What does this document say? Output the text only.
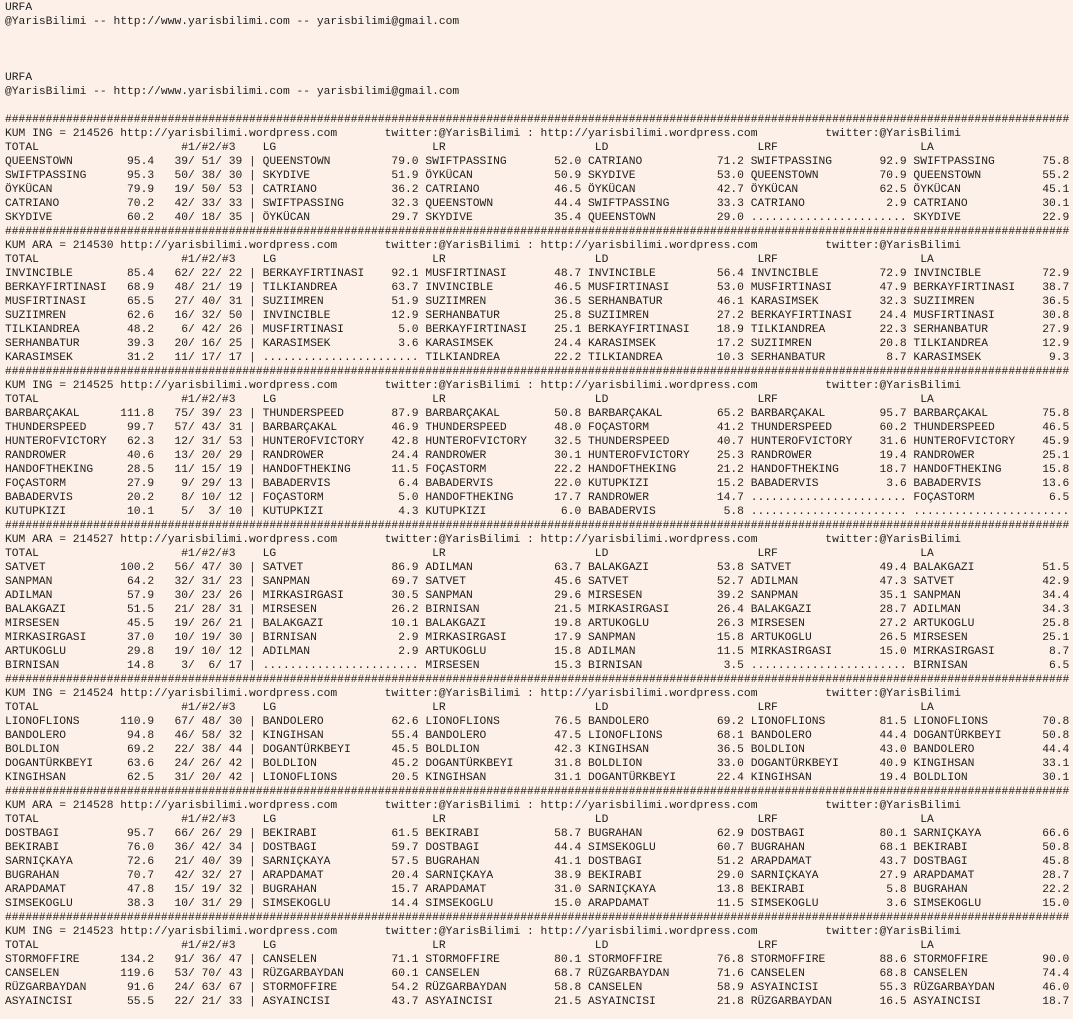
URFA
@YarisBilimi -- http://www.yarisbilimi.com -- yarisbilimi@gmail.com
URFA
@YarisBilimi -- http://www.yarisbilimi.com -- yarisbilimi@gmail.com
#############################################################################################################################################################
KUM ING = 214526 http://yarisbilimi.wordpress.com       twitter:@YarisBilimi : http://yarisbilimi.wordpress.com          twitter:@YarisBilimi
TOTAL                     #1/#2/#3    LG                       LR                      LD                      LRF                     LA
QUEENSTOWN        95.4   39/ 51/ 39 | QUEENSTOWN         79.0 SWIFTPASSING       52.0 CATRIANO           71.2 SWIFTPASSING       92.9 SWIFTPASSING       75.8
SWIFTPASSING      95.3   50/ 38/ 30 | SKYDIVE            51.9 ÖYKÜCAN            50.9 SKYDIVE            53.0 QUEENSTOWN         70.9 QUEENSTOWN         55.2
ÖYKÜCAN           79.9   19/ 50/ 53 | CATRIANO           36.2 CATRIANO           46.5 ÖYKÜCAN            42.7 ÖYKÜCAN            62.5 ÖYKÜCAN            45.1
CATRIANO          70.2   42/ 33/ 33 | SWIFTPASSING       32.3 QUEENSTOWN         44.4 SWIFTPASSING       33.3 CATRIANO            2.9 CATRIANO           30.1
SKYDIVE           60.2   40/ 18/ 35 | ÖYKÜCAN            29.7 SKYDIVE            35.4 QUEENSTOWN         29.0 ....................... SKYDIVE            22.9
#############################################################################################################################################################
KUM ARA = 214530 http://yarisbilimi.wordpress.com       twitter:@YarisBilimi : http://yarisbilimi.wordpress.com          twitter:@YarisBilimi
TOTAL                     #1/#2/#3    LG                       LR                      LD                      LRF                     LA
INVINCIBLE        85.4   62/ 22/ 22 | BERKAYFIRTINASI    92.1 MUSFIRTINASI       48.7 INVINCIBLE         56.4 INVINCIBLE         72.9 INVINCIBLE         72.9
BERKAYFIRTINASI   68.9   48/ 21/ 19 | TILKIANDREA        63.7 INVINCIBLE         46.5 MUSFIRTINASI       53.0 MUSFIRTINASI       47.9 BERKAYFIRTINASI    38.7
MUSFIRTINASI      65.5   27/ 40/ 31 | SUZIIMREN          51.9 SUZIIMREN          36.5 SERHANBATUR        46.1 KARASIMSEK         32.3 SUZIIMREN          36.5
SUZIIMREN         62.6   16/ 32/ 50 | INVINCIBLE         12.9 SERHANBATUR        25.8 SUZIIMREN          27.2 BERKAYFIRTINASI    24.4 MUSFIRTINASI       30.8
TILKIANDREA       48.2    6/ 42/ 26 | MUSFIRTINASI        5.0 BERKAYFIRTINASI    25.1 BERKAYFIRTINASI    18.9 TILKIANDREA        22.3 SERHANBATUR        27.9
SERHANBATUR       39.3   20/ 16/ 25 | KARASIMSEK          3.6 KARASIMSEK         24.4 KARASIMSEK         17.2 SUZIIMREN          20.8 TILKIANDREA        12.9
KARASIMSEK        31.2   11/ 17/ 17 | ....................... TILKIANDREA        22.2 TILKIANDREA        10.3 SERHANBATUR         8.7 KARASIMSEK          9.3
#############################################################################################################################################################
KUM ING = 214525 http://yarisbilimi.wordpress.com       twitter:@YarisBilimi : http://yarisbilimi.wordpress.com          twitter:@YarisBilimi
TOTAL                     #1/#2/#3    LG                       LR                      LD                      LRF                     LA
BARBARÇAKAL      111.8   75/ 39/ 23 | THUNDERSPEED       87.9 BARBARÇAKAL        50.8 BARBARÇAKAL        65.2 BARBARÇAKAL        95.7 BARBARÇAKAL        75.8
THUNDERSPEED      99.7   57/ 43/ 31 | BARBARÇAKAL        46.9 THUNDERSPEED       48.0 FOÇASTORM          41.2 THUNDERSPEED       60.2 THUNDERSPEED       46.5
HUNTEROFVICTORY   62.3   12/ 31/ 53 | HUNTEROFVICTORY    42.8 HUNTEROFVICTORY    32.5 THUNDERSPEED       40.7 HUNTEROFVICTORY    31.6 HUNTEROFVICTORY    45.9
RANDROWER         40.6   13/ 20/ 29 | RANDROWER          24.4 RANDROWER          30.1 HUNTEROFVICTORY    25.3 RANDROWER          19.4 RANDROWER          25.1
HANDOFTHEKING     28.5   11/ 15/ 19 | HANDOFTHEKING      11.5 FOÇASTORM          22.2 HANDOFTHEKING      21.2 HANDOFTHEKING      18.7 HANDOFTHEKING      15.8
FOÇASTORM         27.9    9/ 29/ 13 | BABADERVIS          6.4 BABADERVIS         22.0 KUTUPKIZI          15.2 BABADERVIS          3.6 BABADERVIS         13.6
BABADERVIS        20.2    8/ 10/ 12 | FOÇASTORM           5.0 HANDOFTHEKING      17.7 RANDROWER          14.7 ....................... FOÇASTORM           6.5
KUTUPKIZI         10.1    5/  3/ 10 | KUTUPKIZI           4.3 KUTUPKIZI           6.0 BABADERVIS          5.8 ....................... .......................
#############################################################################################################################################################
KUM ARA = 214527 http://yarisbilimi.wordpress.com       twitter:@YarisBilimi : http://yarisbilimi.wordpress.com          twitter:@YarisBilimi
TOTAL                     #1/#2/#3    LG                       LR                      LD                      LRF                     LA
SATVET           100.2   56/ 47/ 30 | SATVET             86.9 ADILMAN            63.7 BALAKGAZI          53.8 SATVET             49.4 BALAKGAZI          51.5
SANPMAN           64.2   32/ 31/ 23 | SANPMAN            69.7 SATVET             45.6 SATVET             52.7 ADILMAN            47.3 SATVET             42.9
ADILMAN           57.9   30/ 23/ 26 | MIRKASIRGASI       30.5 SANPMAN            29.6 MIRSESEN           39.2 SANPMAN            35.1 SANPMAN            34.4
BALAKGAZI         51.5   21/ 28/ 31 | MIRSESEN           26.2 BIRNISAN           21.5 MIRKASIRGASI       26.4 BALAKGAZI          28.7 ADILMAN            34.3
MIRSESEN          45.5   19/ 26/ 21 | BALAKGAZI          10.1 BALAKGAZI          19.8 ARTUKOGLU          26.3 MIRSESEN           27.2 ARTUKOGLU          25.8
MIRKASIRGASI      37.0   10/ 19/ 30 | BIRNISAN            2.9 MIRKASIRGASI       17.9 SANPMAN            15.8 ARTUKOGLU          26.5 MIRSESEN           25.1
ARTUKOGLU         29.8   19/ 10/ 12 | ADILMAN             2.9 ARTUKOGLU          15.8 ADILMAN            11.5 MIRKASIRGASI       15.0 MIRKASIRGASI        8.7
BIRNISAN          14.8    3/  6/ 17 | ....................... MIRSESEN           15.3 BIRNISAN            3.5 ....................... BIRNISAN            6.5
#############################################################################################################################################################
KUM ING = 214524 http://yarisbilimi.wordpress.com       twitter:@YarisBilimi : http://yarisbilimi.wordpress.com          twitter:@YarisBilimi
TOTAL                     #1/#2/#3    LG                       LR                      LD                      LRF                     LA
LIONOFLIONS      110.9   67/ 48/ 30 | BANDOLERO          62.6 LIONOFLIONS        76.5 BANDOLERO          69.2 LIONOFLIONS        81.5 LIONOFLIONS        70.8
BANDOLERO         94.8   46/ 58/ 32 | KINGIHSAN          55.4 BANDOLERO          47.5 LIONOFLIONS        68.1 BANDOLERO          44.4 DOGANTÜRKBEYI      50.8
BOLDLION          69.2   22/ 38/ 44 | DOGANTÜRKBEYI      45.5 BOLDLION           42.3 KINGIHSAN          36.5 BOLDLION           43.0 BANDOLERO          44.4
DOGANTÜRKBEYI     63.6   24/ 26/ 42 | BOLDLION           45.2 DOGANTÜRKBEYI      31.8 BOLDLION           33.0 DOGANTÜRKBEYI      40.9 KINGIHSAN          33.1
KINGIHSAN         62.5   31/ 20/ 42 | LIONOFLIONS        20.5 KINGIHSAN          31.1 DOGANTÜRKBEYI      22.4 KINGIHSAN          19.4 BOLDLION           30.1
#############################################################################################################################################################
KUM ARA = 214528 http://yarisbilimi.wordpress.com       twitter:@YarisBilimi : http://yarisbilimi.wordpress.com          twitter:@YarisBilimi
TOTAL                     #1/#2/#3    LG                       LR                      LD                      LRF                     LA
DOSTBAGI          95.7   66/ 26/ 29 | BEKIRABI           61.5 BEKIRABI           58.7 BUGRAHAN           62.9 DOSTBAGI           80.1 SARNIÇKAYA         66.6
BEKIRABI          76.0   36/ 42/ 34 | DOSTBAGI           59.7 DOSTBAGI           44.4 SIMSEKOGLU         60.7 BUGRAHAN           68.1 BEKIRABI           50.8
SARNIÇKAYA        72.6   21/ 40/ 39 | SARNIÇKAYA         57.5 BUGRAHAN           41.1 DOSTBAGI           51.2 ARAPDAMAT          43.7 DOSTBAGI           45.8
BUGRAHAN          70.7   42/ 32/ 27 | ARAPDAMAT          20.4 SARNIÇKAYA         38.9 BEKIRABI           29.0 SARNIÇKAYA         27.9 ARAPDAMAT          28.7
ARAPDAMAT         47.8   15/ 19/ 32 | BUGRAHAN           15.7 ARAPDAMAT          31.0 SARNIÇKAYA         13.8 BEKIRABI            5.8 BUGRAHAN           22.2
SIMSEKOGLU        38.3   10/ 31/ 29 | SIMSEKOGLU         14.4 SIMSEKOGLU         15.0 ARAPDAMAT          11.5 SIMSEKOGLU          3.6 SIMSEKOGLU         15.0
#############################################################################################################################################################
KUM ING = 214523 http://yarisbilimi.wordpress.com       twitter:@YarisBilimi : http://yarisbilimi.wordpress.com          twitter:@YarisBilimi
TOTAL                     #1/#2/#3    LG                       LR                      LD                      LRF                     LA
STORMOFFIRE      134.2   91/ 36/ 47 | CANSELEN           71.1 STORMOFFIRE        80.1 STORMOFFIRE        76.8 STORMOFFIRE        88.6 STORMOFFIRE        90.0
CANSELEN         119.6   53/ 70/ 43 | RÜZGARBAYDAN       60.1 CANSELEN           68.7 RÜZGARBAYDAN       71.6 CANSELEN           68.8 CANSELEN           74.4
RÜZGARBAYDAN      91.6   24/ 63/ 67 | STORMOFFIRE        54.2 RÜZGARBAYDAN       58.8 CANSELEN           58.9 ASYAINCISI         55.3 RÜZGARBAYDAN       46.0
ASYAINCISI        55.5   22/ 21/ 33 | ASYAINCISI         43.7 ASYAINCISI         21.5 ASYAINCISI         21.8 RÜZGARBAYDAN       16.5 ASYAINCISI         18.7
